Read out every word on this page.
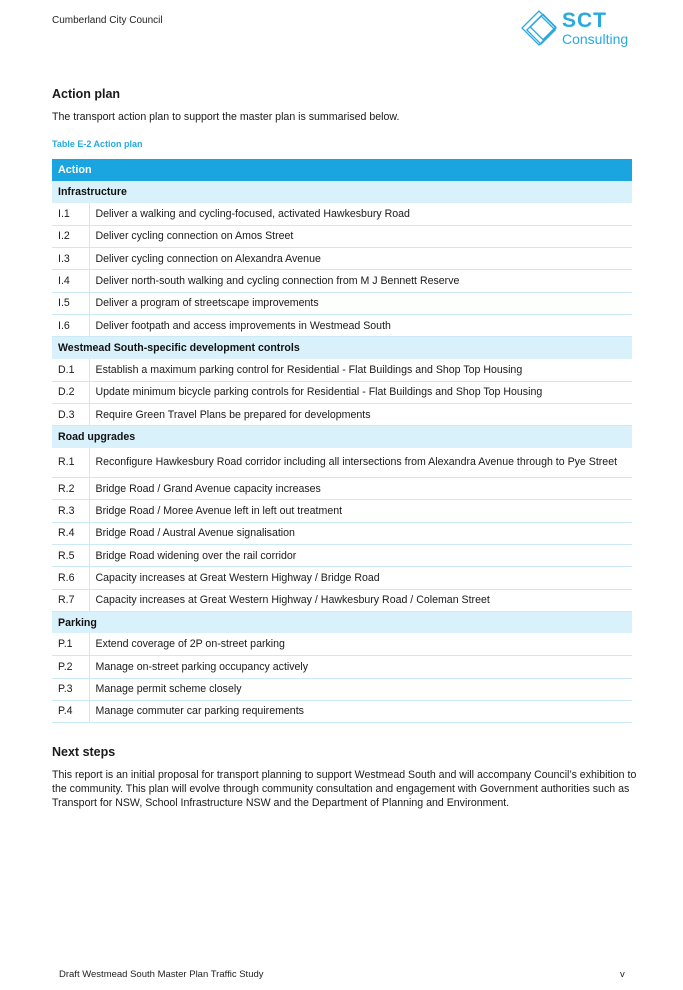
Cumberland City Council	SCT
Consulting
Action plan
The transport action plan to support the master plan is summarised below.
Table E-2 Action plan
Action	
Infrastructure	
I.1	Deliver a walking and cycling-focused, activated Hawkesbury Road
I.2	Deliver cycling connection on Amos Street
I.3	Deliver cycling connection on Alexandra Avenue
I.4	Deliver north-south walking and cycling connection from M J Bennett Reserve
I.5	Deliver a program of streetscape improvements
I.6	Deliver footpath and access improvements in Westmead South
Westmead South-specific development controls	
D.1	Establish a maximum parking control for Residential - Flat Buildings and Shop Top Housing
D.2	Update minimum bicycle parking controls for Residential - Flat Buildings and Shop Top Housing
D.3	Require Green Travel Plans be prepared for developments
Road upgrades	
R.1	Reconfigure Hawkesbury Road corridor including all intersections from Alexandra Avenue through to Pye Street
R.2	Bridge Road / Grand Avenue capacity increases
R.3	Bridge Road / Moree Avenue left in left out treatment
R.4	Bridge Road / Austral Avenue signalisation
R.5	Bridge Road widening over the rail corridor
R.6	Capacity increases at Great Western Highway / Bridge Road
R.7	Capacity increases at Great Western Highway / Hawkesbury Road / Coleman Street
Parking	
P.1	Extend coverage of 2P on-street parking
P.2	Manage on-street parking occupancy actively
P.3	Manage permit scheme closely
P.4	Manage commuter car parking requirements
Next steps
This report is an initial proposal for transport planning to support Westmead South and will accompany Council’s exhibition to the community. This plan will evolve through community consultation and engagement with Government authorities such as Transport for NSW, School Infrastructure NSW and the Department of Planning and Environment.
Draft Westmead South Master Plan Traffic Study	v
